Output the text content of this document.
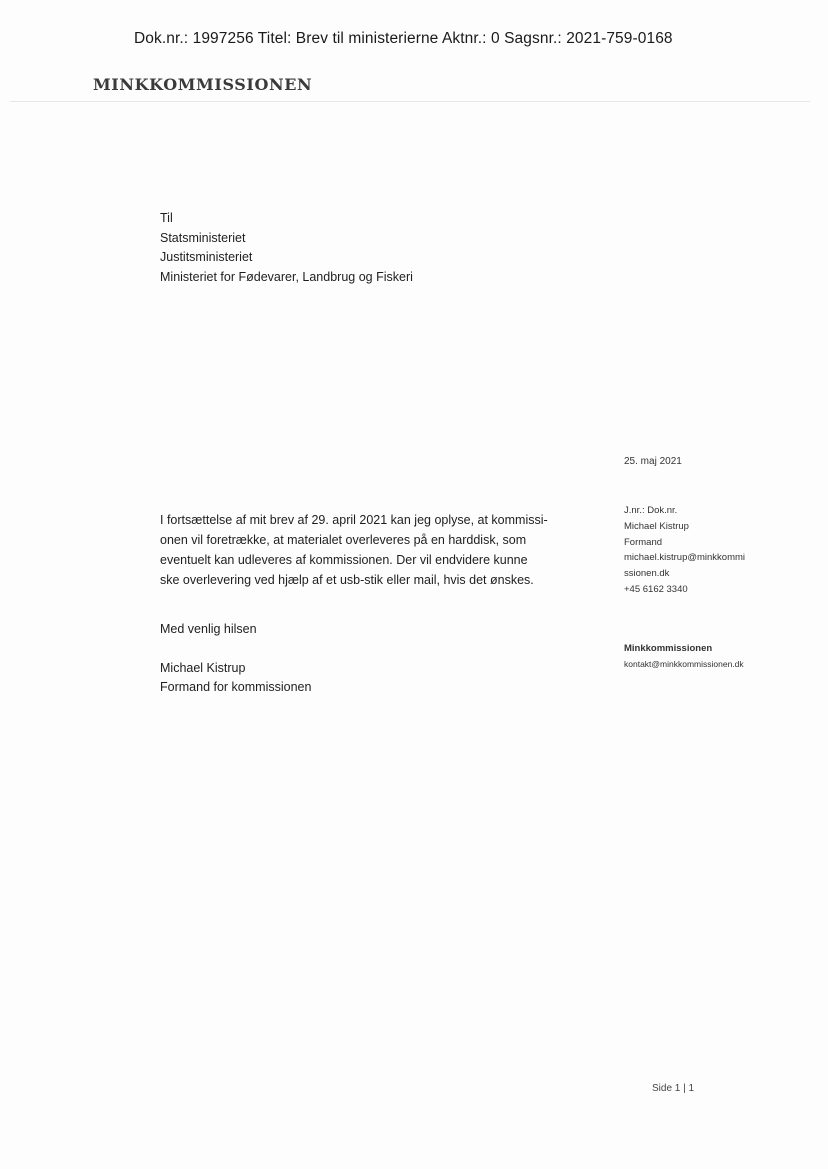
Dok.nr.: 1997256 Titel: Brev til ministerierne Aktnr.: 0 Sagsnr.: 2021-759-0168
MINKKOMMISSIONEN
Til
Statsministeriet
Justitsministeriet
Ministeriet for Fødevarer, Landbrug og Fiskeri
25. maj 2021
I fortsættelse af mit brev af 29. april 2021 kan jeg oplyse, at kommissi-
onen vil foretrække, at materialet overleveres på en harddisk, som
eventuelt kan udleveres af kommissionen. Der vil endvidere kunne
ske overlevering ved hjælp af et usb-stik eller mail, hvis det ønskes.
J.nr.: Dok.nr.
Michael Kistrup
Formand
michael.kistrup@minkkommi
ssionen.dk
+45 6162 3340
Med venlig hilsen
Michael Kistrup
Formand for kommissionen
Minkkommissionen
kontakt@minkkommissionen.dk
Side 1 | 1
